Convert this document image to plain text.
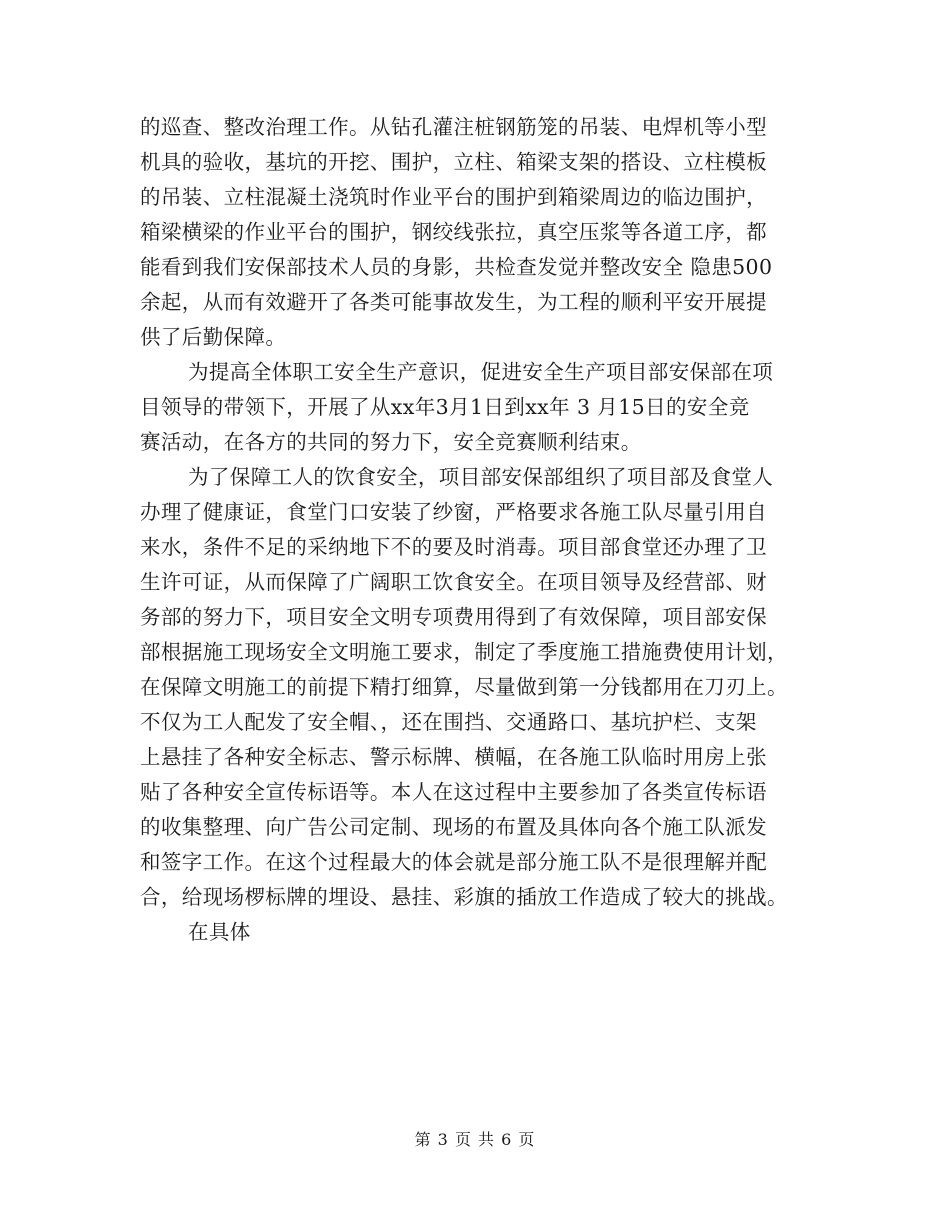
的巡查、整改治理工作。从钻孔灌注桩钢筋笼的吊装、电焊机等小型
机具的验收，基坑的开挖、围护，立柱、箱梁支架的搭设、立柱模板
的吊装、立柱混凝土浇筑时作业平台的围护到箱梁周边的临边围护，
箱梁横梁的作业平台的围护，钢绞线张拉，真空压浆等各道工序，都
能看到我们安保部技术人员的身影，共检查发觉并整改安全 隐患500
余起，从而有效避开了各类可能事故发生，为工程的顺利平安开展提
供了后勤保障。
为提高全体职工安全生产意识，促进安全生产项目部安保部在项
目领导的带领下，开展了从xx年3月1日到xx年 3 月15日的安全竞
赛活动，在各方的共同的努力下，安全竞赛顺利结束。
为了保障工人的饮食安全，项目部安保部组织了项目部及食堂人
办理了健康证，食堂门口安装了纱窗，严格要求各施工队尽量引用自
来水，条件不足的采纳地下不的要及时消毒。项目部食堂还办理了卫
生许可证，从而保障了广阔职工饮食安全。在项目领导及经营部、财
务部的努力下，项目安全文明专项费用得到了有效保障，项目部安保
部根据施工现场安全文明施工要求，制定了季度施工措施费使用计划，
在保障文明施工的前提下精打细算，尽量做到第一分钱都用在刀刃上。
不仅为工人配发了安全帽、，还在围挡、交通路口、基坑护栏、支架
上悬挂了各种安全标志、警示标牌、横幅，在各施工队临时用房上张
贴了各种安全宣传标语等。本人在这过程中主要参加了各类宣传标语
的收集整理、向广告公司定制、现场的布置及具体向各个施工队派发
和签字工作。在这个过程最大的体会就是部分施工队不是很理解并配
合，给现场椤标牌的埋设、悬挂、彩旗的插放工作造成了较大的挑战。
在具体
第 3 页 共 6 页
